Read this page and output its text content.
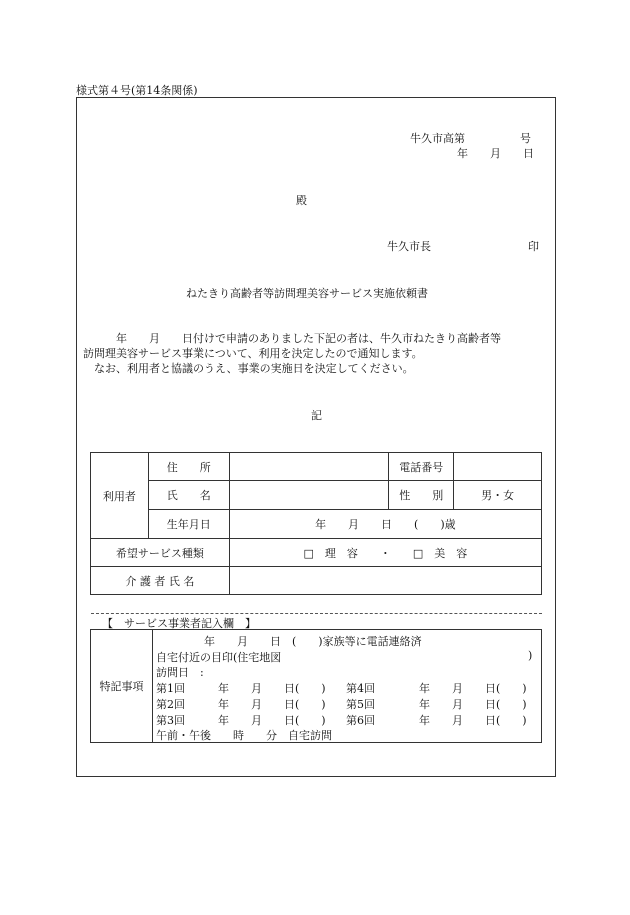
様式第４号(第14条関係)
牛久市高第　　　　　号
年　　月　　日
殿
牛久市長	印
ねたきり高齢者等訪問理美容サービス実施依頼書
　　　年　　月　　日付けで申請のありました下記の者は、牛久市ねたきり高齢者等
訪問理美容サービス事業について、利用を決定したので通知します。
　なお、利用者と協議のうえ、事業の実施日を決定してください。
記
利用者	住　　所		電話番号	
	氏　　名		性　　別	男・女
	生年月日	年　　月　　日　　(　　)歳		
希望サービス種類		□　理　容　　・　　□　美　容		
介 護 者 氏 名				
【　サービス事業者記入欄　】
特記事項	
年　　月　　日　(　　)家族等に電話連絡済
自宅付近の目印(住宅地図	)
訪問日　:
第1回　　　年　　月　　日(　　) 第4回　　　　年　　月　　日(　　)
第2回　　　年　　月　　日(　　) 第5回　　　　年　　月　　日(　　)
第3回　　　年　　月　　日(　　) 第6回　　　　年　　月　　日(　　)
午前・午後　　時　　分　自宅訪問
